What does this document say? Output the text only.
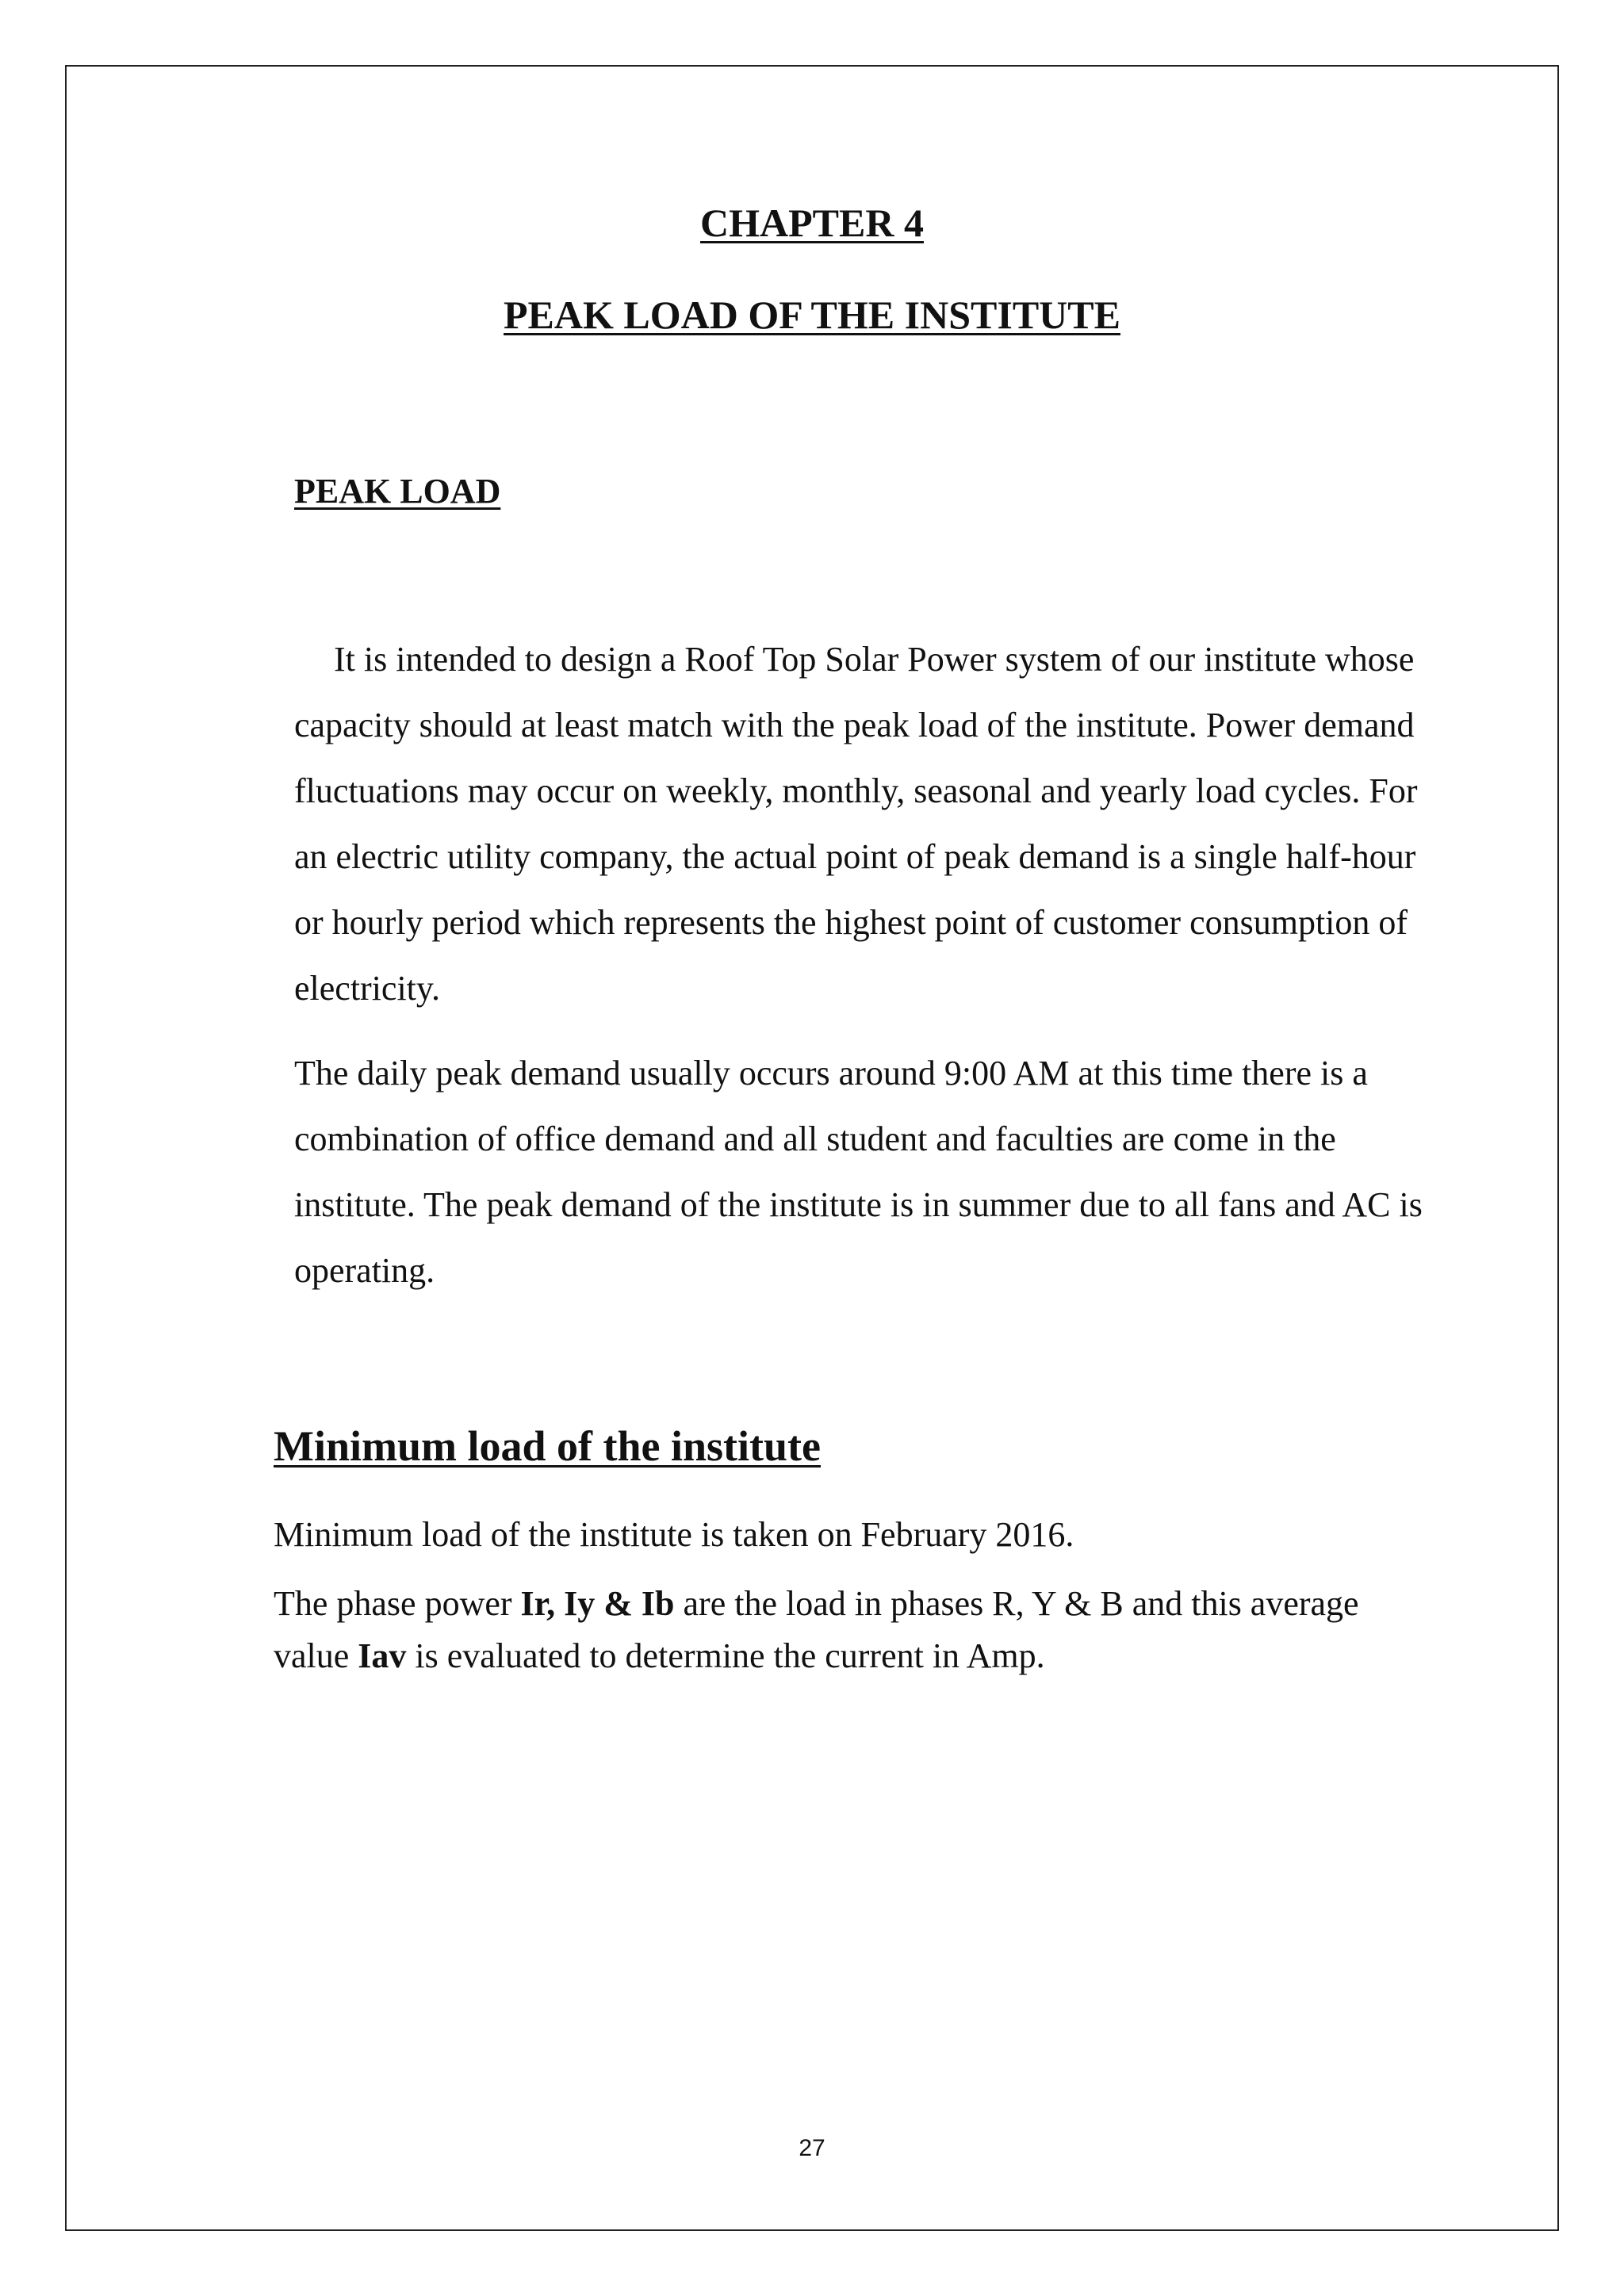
CHAPTER 4
PEAK LOAD OF THE INSTITUTE
PEAK LOAD

It is intended to design a Roof Top Solar Power system of our institute whose capacity should at least match with the peak load of the institute. Power demand fluctuations may occur on weekly, monthly, seasonal and yearly load cycles. For an electric utility company, the actual point of peak demand is a single half-hour or hourly period which represents the highest point of customer consumption of electricity.

The daily peak demand usually occurs around 9:00 AM at this time there is a combination of office demand and all student and faculties are come in the institute. The peak demand of the institute is in summer due to all fans and AC is operating.

Minimum load of the institute

Minimum load of the institute is taken on February 2016.

The phase power Ir, Iy & Ib are the load in phases R, Y & B and this average value Iav is evaluated to determine the current in Amp.

27
